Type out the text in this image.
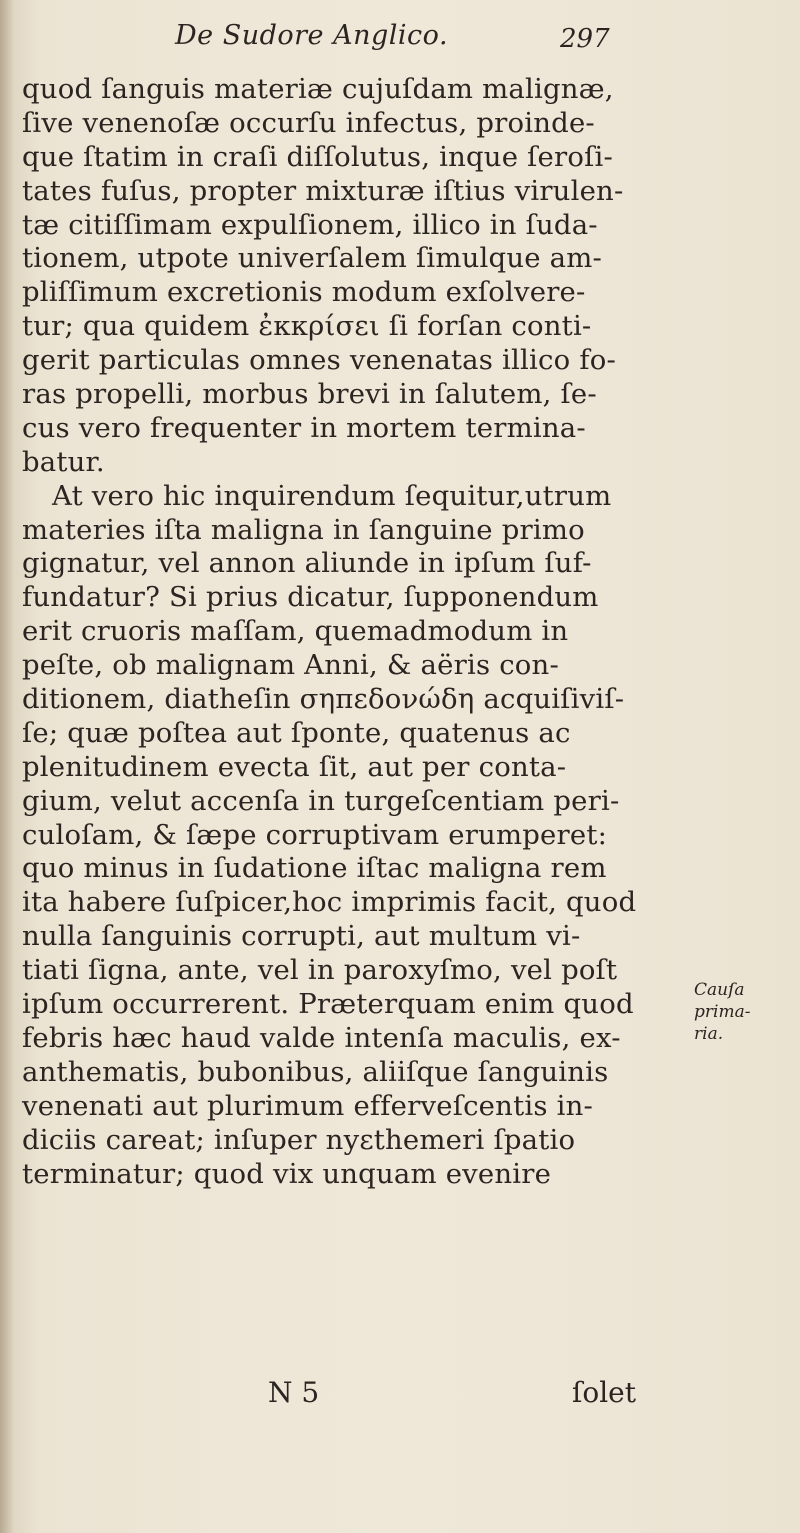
De Sudore Anglico.	297
quod ſanguis materiæ cujuſdam malignæ,
ſive venenoſæ occurſu infectus, proinde-
que ſtatim in craſi diſſolutus, inque ſeroſi-
tates fuſus, propter mixturæ iſtius virulen-
tæ citiſſimam expulſionem, illico in ſuda-
tionem, utpote univerſalem ſimulque am-
pliſſimum excretionis modum exſolvere-
tur; qua quidem ἐκκρίσει ſi forſan conti-
gerit particulas omnes venenatas illico fo-
ras propelli, morbus brevi in ſalutem, ſe-
cus vero frequenter in mortem termina-
batur.
At vero hic inquirendum ſequitur,utrum
materies iſta maligna in ſanguine primo
gignatur, vel annon aliunde in ipſum ſuf-
fundatur? Si prius dicatur, ſupponendum
erit cruoris maſſam, quemadmodum in
peſte, ob malignam Anni, & aëris con-
ditionem, diatheſin σηπεδονώδη acquiſiviſ-
ſe; quæ poſtea aut ſponte, quatenus ac
plenitudinem evecta ſit, aut per conta-
gium, velut accenſa in turgeſcentiam peri-
culoſam, & ſæpe corruptivam erumperet:
quo minus in ſudatione iſtac maligna rem
ita habere ſuſpicer,hoc imprimis facit, quod
nulla ſanguinis corrupti, aut multum vi-
tiati ſigna, ante, vel in paroxyſmo, vel poſt
ipſum occurrerent. Præterquam enim quod
febris hæc haud valde intenſa maculis, ex-
anthematis, bubonibus, aliiſque ſanguinis
venenati aut plurimum efferveſcentis in-
diciis careat; inſuper nyɛthemeri ſpatio
terminatur; quod vix unquam evenire
Cauſa
prima-
ria.
N 5	ſolet
